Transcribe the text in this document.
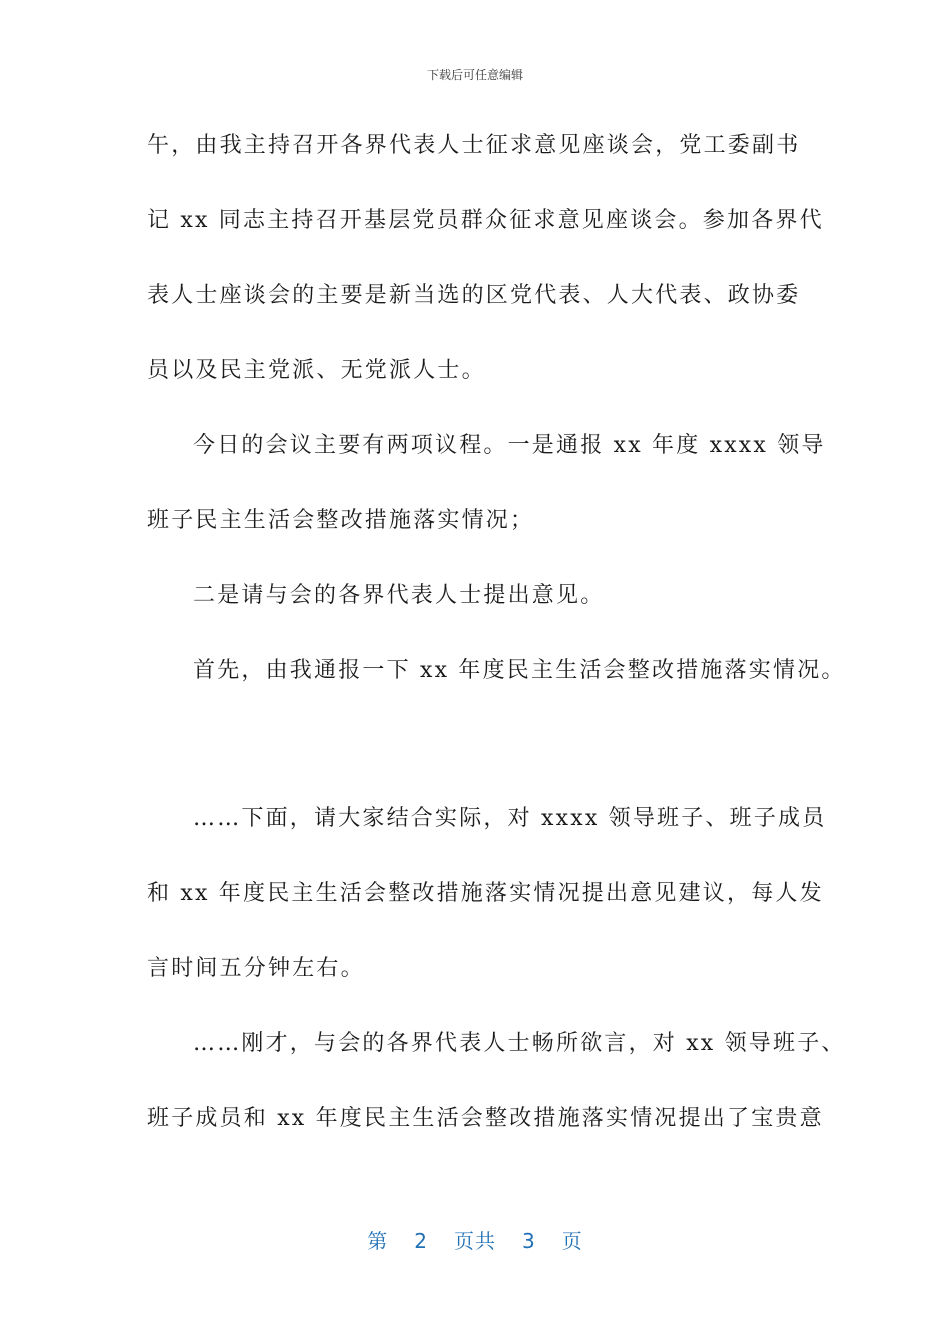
下载后可任意编辑
午，由我主持召开各界代表人士征求意见座谈会，党工委副书
记 xx 同志主持召开基层党员群众征求意见座谈会。参加各界代
表人士座谈会的主要是新当选的区党代表、人大代表、政协委
员以及民主党派、无党派人士。
今日的会议主要有两项议程。一是通报 xx 年度 xxxx 领导
班子民主生活会整改措施落实情况；
二是请与会的各界代表人士提出意见。
首先，由我通报一下 xx 年度民主生活会整改措施落实情况。
……下面，请大家结合实际，对 xxxx 领导班子、班子成员
和 xx 年度民主生活会整改措施落实情况提出意见建议，每人发
言时间五分钟左右。
……刚才，与会的各界代表人士畅所欲言，对 xx 领导班子、
班子成员和 xx 年度民主生活会整改措施落实情况提出了宝贵意
第 2 页共 3 页
